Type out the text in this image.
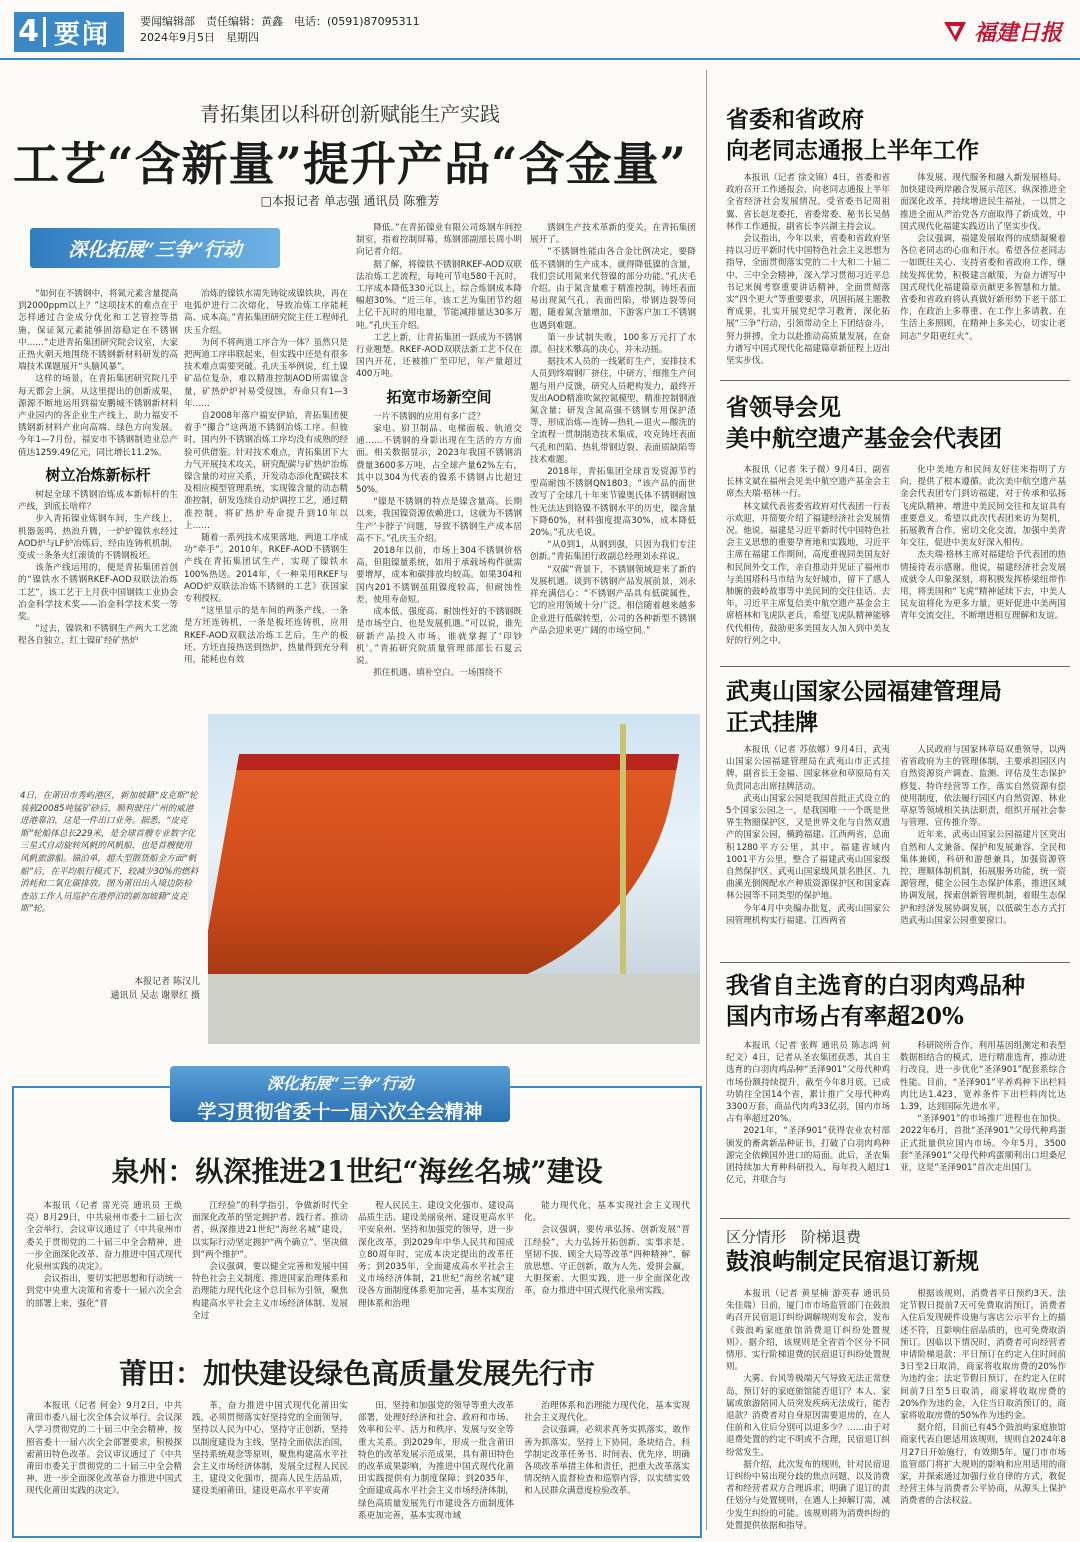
4 要闻	要闻编辑部　责任编辑：黄鑫　电话：(0591)87095311
2024年9月5日　星期四	福建日报
青拓集团以科研创新赋能生产实践
工艺“含新量”提升产品“含金量”
□本报记者 单志强 通讯员 陈雅芳
深化拓展“三争”行动

“如何在不锈钢中，将氮元素含量提高到2000ppm以上？”这项技术的难点在于怎样通过合金成分优化和工艺管控等措施，保证氮元素能够固溶稳定在不锈钢中……”走进青拓集团研究院会议室，大家正热火朝天地围绕不锈钢新材料研发的高端技术课题展开“头脑风暴”。

这样的场景，在青拓集团研究院几乎每天都会上演。从这里提出的创新成果，源源不断地运用到福安鹏城不锈钢新材料产业园内的各企业生产线上，助力福安不锈钢新材料产业向高端、绿色方向发展。今年1—7月份，福安市不锈钢制造业总产值达1259.49亿元，同比增长11.2%。

树立冶炼新标杆

树起全球不锈钢冶炼成本新标杆的生产线，到底长啥样？

步入青拓镍业炼钢车间，生产线上，机器轰鸣、热浪升腾，一炉炉镍铁水经过AOD炉与LF炉冶炼后，经由连铸机机制，变成一条条火红滚烫的不锈钢板坯。

该条产线运用的，便是青拓集团首创的“镍铁水不锈钢RKEF-AOD双联法冶炼工艺”，该工艺于上月获中国钢铁工业协会冶金科学技术奖——冶金科学技术奖一等奖。

“过去，镍铁和不锈钢生产两大工艺流程各自独立，红土镍矿经矿热炉

冶炼的镍铁水需先铸锭成镍铁块，再在电弧炉进行二次熔化，导致冶炼工序能耗高、成本高。”青拓集团研究院主任工程师孔庆玉介绍。

为何不将两道工序合为一体？虽然只是把两道工序串联起来，但实践中还是有很多技术难点需要突破。孔庆玉举例说，红土镍矿品位复杂，难以精准控制AOD所需镍含量，矿热炉炉衬易受侵蚀，寿命只有1—3年……

自2008年落户福安伊始，青拓集团便着手“攥合”这两道不锈钢冶炼工序。但彼时，国内外不锈钢冶炼工序均没有成熟的经验可供借鉴。针对技术难点，青拓集团下大力气开展技术攻关，研究配碳与矿热炉冶炼镍含量的对应关系，开发动态添化配碳技术及相应模型管理系统，实现镍含量的动态精准控制，研发连续自动炉调控工艺，通过精准控制，将矿热炉寿命提升到10年以上……

随着一系列技术成果落地，两道工序成功“牵手”。2010年，RKEF-AOD不锈钢生产线在青拓集团试生产，实现了镍铁水100%热送。2014年，《一种采用RKEF与AOD炉双联法冶炼不锈钢的工艺》获国家专利授权。

“这里显示的是车间的两条产线，一条是方坯连铸机，一条是板坯连铸机，应用RKEF-AOD双联法冶炼工艺后，生产的板坯、方坯直接热送到热炉，热量得到充分利用，能耗也有效

降低。”在青拓镍业有限公司炼钢车间控制室，指着控制屏幕，炼钢部副部长周小明向记者介绍。

据了解，将镍铁不锈钢RKEF-AOD双联法冶炼工艺流程，每吨可节电580千瓦时，工序成本降低330元以上，综合炼钢成本降幅超30%。“近三年，该工艺为集团节约超上亿千瓦时的用电量，节能减排量达30多万吨。”孔庆玉介绍。

工艺上新，让青拓集团一跃成为不锈钢行业翘楚。RKEF-AOD双联法新工艺不仅在国内开花，还被推广至印尼，年产量超过400万吨。

拓宽市场新空间

一片不锈钢的应用有多广泛？

家电、厨卫制品、电梯面板、轨道交通……不锈钢的身影出现在生活的方方面面。相关数据显示，2023年我国不锈钢消费量3600多万吨，占全球产量62%左右，其中以304为代表的镍系不锈钢占比超过50%。

“镍是不锈钢的特点是镍含量高。长期以来，我国镍资源依赖进口，这就为不锈钢生产‘卡脖子’问题，导致不锈钢生产成本居高不下。”孔庆玉介绍。

2018年以前，市场上304不锈钢价格高，但阻镍量系统，如用于承载场构件就需要增厚，成本和碳排放均较高。如果304和国内201不锈钢虽阻镍度较高，但耐蚀性差，使用寿命短。

成本低、强度高、耐蚀性好的不锈钢既是市场空白，也是发展机遇。”可以说，谁先研新产品投入市场，谁就掌握了‘印钞机’。”青拓研究院质量管理部部长石夏云说。

抓住机遇、填补空白。一场围绕不

锈钢生产技术革新的变关，在青拓集团展开了。

“不锈钢性能由各合金比例决定，要降低不锈钢的生产成本，就得降低镍的含量，我们尝试用氮来代替镍的部分功能。”孔庆毛介绍。由于氮含量难于精准控制，铸坯表面易出现氮气孔、表面凹陷，带钢边裂等问题，随着氮含量增加，下游客户加工不锈钢也遇到难题。

第一步试制失败，100多万元打了水漂。但技术攀高的决心，并未动摇。

据技术人员的一线紧盯生产，安排技术人员到终端钢厂挤住，中研方，细推生产问题与用户反馈，研究人员耙构发力，最终开发出AOD精准吹氮控氮模型，精准控制钢液氮含量；研发含氮高强不锈钢专用保护渣等，形成冶炼—连铸—热轧—退火—酸洗的全流程一贯制制造技术集成，攻克铸坯表面气孔和凹陷、热轧带钢边裂、表面质缺陷等技术难题。

2018年，青拓集团全球首发资源节约型高耐蚀不锈钢QN1803。“该产品的面世改写了全球几十年来节镍奥氏体不锈钢耐蚀性无法达到铬镍不锈钢水平的历史，镍含量下降60%，材料强度提高30%，成本降低20%。”孔庆毛说。

“从0到1，从钢到强，只因为我们专注创新。”青拓集团行政副总经理刘永祥说。

“双碳”背景下，不锈钢领域迎来了新的发展机遇。谈到不锈钢产品发展前景，刘永祥充满信心：“不锈钢产品具有低碳属性，它的应用领域十分广泛。相信随着越来越多企业进行低碳转型，公司的各种新型不锈钢产品会迎来更广阔的市场空间。”

4日，在莆田市秀屿港区，新加坡籍“皮克斯”轮装载20085吨锰矿砂后，顺利驶往广州的威港进港靠泊，这是一件出口业务。据悉，“皮克斯”轮船体总长229米，是全球首艘专业数字化三星式自动旋转风帆的风帆船，也是首艘使用风帆旅游船。锚泊单，超大型散货船全方面“帆船”后，在平均航行模式下，较减少30%的燃料消耗和二氧化碳排放。图为莆田出入境边防检查站工作人员巡护在港停泊的新加坡籍“皮克斯”轮。
本报记者 陈汉儿
通讯员 吴志 谢翠红 摄
深化拓展“三争”行动
学习贯彻省委十一届六次全会精神
泉州：纵深推进21世纪“海丝名城”建设

本报讯（记者 雷光亮 通讯员 王焕亮）8月29日，中共泉州市委十二届七次全会举行，会议审议通过了《中共泉州市委关于贯彻党的二十届三中全会精神，进一步全面深化改革、奋力推进中国式现代化泉州实践的决定》。

会议指出，要切实把思想和行动统一到党中央重大决策和省委十一届六次全会的部署上来，强化“晋

江经验”的科学指引，争做新时代全面深化改革的坚定拥护者、践行者、推动者，纵深推进21世纪“海丝名城”建设，以实际行动坚定拥护“两个确立”、坚决做到“两个维护”。

会议强调，要以健全完善和发展中国特色社会主义制度、推进国家治理体系和治理能力现代化这个总目标为引领，聚焦构建高水平社会主义市场经济体制、发展全过

程人民民主、建设文化强市、建设高品质生活、建设美丽泉州、建设更高水平平安泉州、坚持和加强党的领导，进一步深化改革，到2029年中华人民共和国成立80周年时，完成本决定提出的改革任务；到2035年，全面建成高水平社会主义市场经济体制，21世纪“海丝名城”建设各方面制度体系更加完善，基本实现治理体系和治理

能力现代化，基本实现社会主义现代化。

会议强调，要传承弘扬、创新发展“晋江经验”，大力弘扬开拓创新、实事求是、坚韧不拔、顾全大局等改革“四种精神”，解放思想、守正创新，敢为人先、爱拼会赢，大胆探索、大胆实践，进一步全面深化改革，奋力推进中国式现代化泉州实践。

莆田：加快建设绿色高质量发展先行市

本报讯（记者 何金）9月2日，中共莆田市委八届七次全体会议举行。会议深入学习贯彻党的二十届三中全会精神，按照省委十一届六次全会部署要求，积极探索莆田特色改革。会议审议通过了《中共莆田市委关于贯彻党的二十届三中全会精神，进一步全面深化改革奋力推进中国式现代化莆田实践的决定》。

革，奋力推进中国式现代化莆田实践，必须贯彻落实好坚持党的全面领导，坚持以人民为中心，坚持守正创新，坚持以制度建设为主线，坚持全面依法治国，坚持系统观念等原则，聚焦构建高水平社会主义市场经济体制，发展全过程人民民主，建设文化强市，提高人民生活品质，建设美丽莆田，建设更高水平平安莆

田，坚持和加强党的领导等重大改革部署，处理好经济和社会、政府和市场、效率和公平、活力和秩序、发展与安全等重大关系。到2029年，形成一批含莆田特色的改革发展示范成果，具有莆田特色的改革成果影响，为推进中国式现代化莆田实践提供有力制度保障；到2035年，全面建成高水平社会主义市场经济体制，绿色高质量发展先行市建设各方面制度体系更加完善，基本实现市域

治理体系和治理能力现代化，基本实现社会主义现代化。

会议强调，必须求真务实抓落实，敢作善为抓落实，坚持上下协同，条块结合，科学制定改革任务书、时间表、优先序，明确各项改革举措主体和责任，把重大改革落实情况纳入监督检查和巡察内容，以实绩实效和人民群众满意度检验改革。

省委和省政府
向老同志通报上半年工作

本报讯（记者 徐文锦）4日，省委和省政府召开工作通报会，向老同志通报上半年全省经济社会发展情况。受省委书记周祖翼、省长赵龙委托，省委常委、秘书长吴偕林作工作通报，副省长李兴湖主持会议。

会议指出，今年以来，省委和省政府坚持以习近平新时代中国特色社会主义思想为指导，全面贯彻落实党的二十大和二十届二中、三中全会精神，深入学习贯彻习近平总书记来闽考察重要讲话精神，全面贯彻落实“四个更大”等重要要求，巩固拓展主题教育成果，扎实开展党纪学习教育，深化拓展“三争”行动，引领带动全上下团结奋斗，努力拼搏，全力以赴推动高质量发展，在奋力谱写中国式现代化福建篇章新征程上迈出坚实步伐。

体发展、现代服务和融入新发展格局、加快建设两岸融合发展示范区，纵深推进全面深化改革，持续增进民生福祉，一以贯之推进全面从严治党各方面取得了新成效，中国式现代化福建实践迈出了坚实步伐。

会议强调，福建发展取得的成绩凝聚着各位老同志的心血和汗水。希望各位老同志一如既往关心、支持省委和省政府工作，继续发挥优势，积极建言献策，为奋力谱写中国式现代化福建篇章贡献更多智慧和力量。省委和省政府将认真做好新形势下老干部工作，在政治上多尊重、在工作上多请教、在生活上多照顾，在精神上多关心，切实让老同志“夕阳更红火”。

省领导会见
美中航空遗产基金会代表团

本报讯（记者 朱子微）9月4日，副省长林文斌在福州会见美中航空遗产基金会主席杰夫瑞·格林一行。

林文斌代表省委省政府对代表团一行表示欢迎，并简要介绍了福建经济社会发展情况。他说，福建是习近平新时代中国特色社会主义思想的重要孕育地和实践地，习近平主席在福建工作期间，高度重视同美国友好和民间外交工作，亲自推动并见证了福州市与美国塔科马市结为友好城市，留下了感人肺腑的鼓岭故事等中美民间的交往佳话。去年，习近平主席复信美中航空遗产基金会主席格林和飞虎队老兵，希望飞虎队精神能够代代相传，鼓励更多美国友人加入到中美友好的行列之中。

化中美地方和民间友好往来指明了方向，提供了根本遵循。此次美中航空遗产基金会代表团专门到访福建，对于传承和弘扬飞虎队精神、增进中美民间交往和友谊具有重要意义。希望以此次代表团来访为契机，拓展教育合作，密切文化交流，加强中美青年交往，促进中美友好深入相传。

杰夫瑞·格林主席对福建给予代表团的热情接待表示感谢。他说，福建经济社会发展成就令人印象深刻，将积极发挥桥梁纽带作用，将美国和“飞虎”精神延续下去，中美人民友谊将化为更多力量，更好促进中美两国青年交流交往，不断增进相互理解和友谊。

武夷山国家公园福建管理局
正式挂牌

本报讯（记者 苏依娜）9月4日，武夷山国家公园福建管理局在武夷山市正式挂牌，副省长王金福、国家林业和草原局有关负责同志出席挂牌活动。

武夷山国家公园是我国首批正式设立的5个国家公园之一，是我国唯一一个既是世界生物圈保护区，又是世界文化与自然双遗产的国家公园，横跨福建、江西两省，总面积1280平方公里，其中，福建省域内1001平方公里，整合了福建武夷山国家级自然保护区、武夷山国家级风景名胜区、九曲溪光倒阁配水产种质资源保护区和国家森林公园等不同类型的保护地。

今年4月中央编办批复，武夷山国家公园管理机构实行福建、江西两省

人民政府与国家林草局双重领导，以两省省政府为主的管理体制，主要承担园区内自然资源资产调查、监测、评估及生态保护修复、特许经营等工作，落实自然资源有偿使用制度，依法履行园区内自然资源、林业草原等领域相关执法职责，组织开展社会参与管理、宣传推介等。

近年来，武夷山国家公园福建片区突出自然和人文兼备、保护和发展兼容、全民和集体兼顾，科研和游憩兼具，加强资源管控，理顺体制机制，拓展服务功能，统一资源管理，健全公园生态保护体系，推进区域协调发展，探索创新管理机制，着眼生态保护和经济发展协调发展，以低碳生态方式打造武夷山国家公园重要窗口。

我省自主选育的白羽肉鸡品种
国内市场占有率超20%

本报讯（记者 张辉 通讯员 陈志鸿 何纪文）4日，记者从圣农集团获悉，其自主选育的白羽肉鸡品种“圣泽901”父母代种鸡市场份额持续提升，截至今年8月底，已成功销往全国14个省，累计推广父母代种鸡3300万套，商品代肉鸡33亿羽，国内市场占有率超过20%。

2021年，“圣泽901”获得农业农村部颁发的畜禽新品种证书，打破了白羽肉鸡种源完全依赖国外进口的局面。此后，圣农集团持续加大育种科研投入，每年投入超过1亿元，并联合与

科研院所合作，利用基因组测定和表型数据相结合的模式，进行精准选育，推动进行改良，进一步优化“圣泽901”配套系综合性能。目前，“圣泽901”平养鸡种下出栏料肉比达1.423，宽养条件下出栏料肉比达1.39，达到国际先进水平。

“圣泽901”的市场推广进程也在加快。2022年6月，首批“圣泽901”父母代种鸡蛋正式批量供应国内市场。今年5月，3500套“圣泽901”父母代种鸡蛋顺利出口坦桑尼亚，这是“圣泽901”首次走出国门。

区分情形　阶梯退费
鼓浪屿制定民宿退订新规

本报讯（记者 黄星楠 游英春 通讯员 朱佳瑞）日前，厦门市市场监管部门在鼓浪屿召开民宿退订纠纷调解规则发布会，发布《鼓浪屿家庭旅馆消费退订纠纷处置规则》。据介绍，该规则是全省首个区分不同情形、实行阶梯退费的民宿退订纠纷处置规则。

大雾、台风等极端天气导致无法正常登岛，预订好的家庭旅馆能否退订？本人、家属或旅游陪同人员突发疾病无法成行，能否退款？消费者对自身原因需要退房的，在人住前和入住后分别可以退多少？……由于对退费处置的约定不明或不合理，民宿退订纠纷常发生。

据介绍，此次发布的规则，针对民宿退订纠纷中易出现分歧的焦点问题，以及消费者和经营者双方合理诉求，明确了退订的责任划分与处置规则，在遇人上掉解订需，减少发生纠纷的可能。该规则将为消费纠纷的处置提供依据和指导。

根据该规则，消费者平日预约3天、法定节假日提前7天可免费取消预订，消费者入住后发现硬件设施与客店公示平台上的描述不符，且影响住宿品质的，也可免费取消预订。因临以下情况时，消费者可向经营者申请阶梯退款：平日预订在约定入住时间前3日至2日取消，商家将收取房费的20%作为违约金；法定节假日预订，在约定入住时间前7日至5日取消，商家将收取房费的20%作为违约金，入住当日取消预订的，商家将收取房费的50%作为违约金。

据介绍，目前已有45个鼓浪屿家庭旅馆商家代表自愿适用该规则，规则自2024年8月27日开始施行，有效期5年。厦门市市场监管部门将扩大规则的影响和应用适用的商家，并探索通过加强行业自律的方式，教促经营主体与消费者公平协商，从源头上保护消费者的合法权益。
